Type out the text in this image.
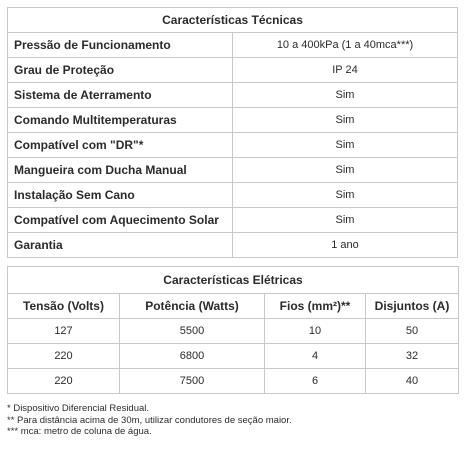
Características Técnicas	
Pressão de Funcionamento	10 a 400kPa (1 a 40mca***)
Grau de Proteção	IP 24
Sistema de Aterramento	Sim
Comando Multitemperaturas	Sim
Compatível com "DR"*	Sim
Mangueira com Ducha Manual	Sim
Instalação Sem Cano	Sim
Compatível com Aquecimento Solar	Sim
Garantia	1 ano
Características Elétricas			
Tensão (Volts)	Potência (Watts)	Fios (mm²)**	Disjuntos (A)
127	5500	10	50
220	6800	4	32
220	7500	6	40
* Dispositivo Diferencial Residual.
** Para distância acima de 30m, utilizar condutores de seção maior.
*** mca: metro de coluna de água.
